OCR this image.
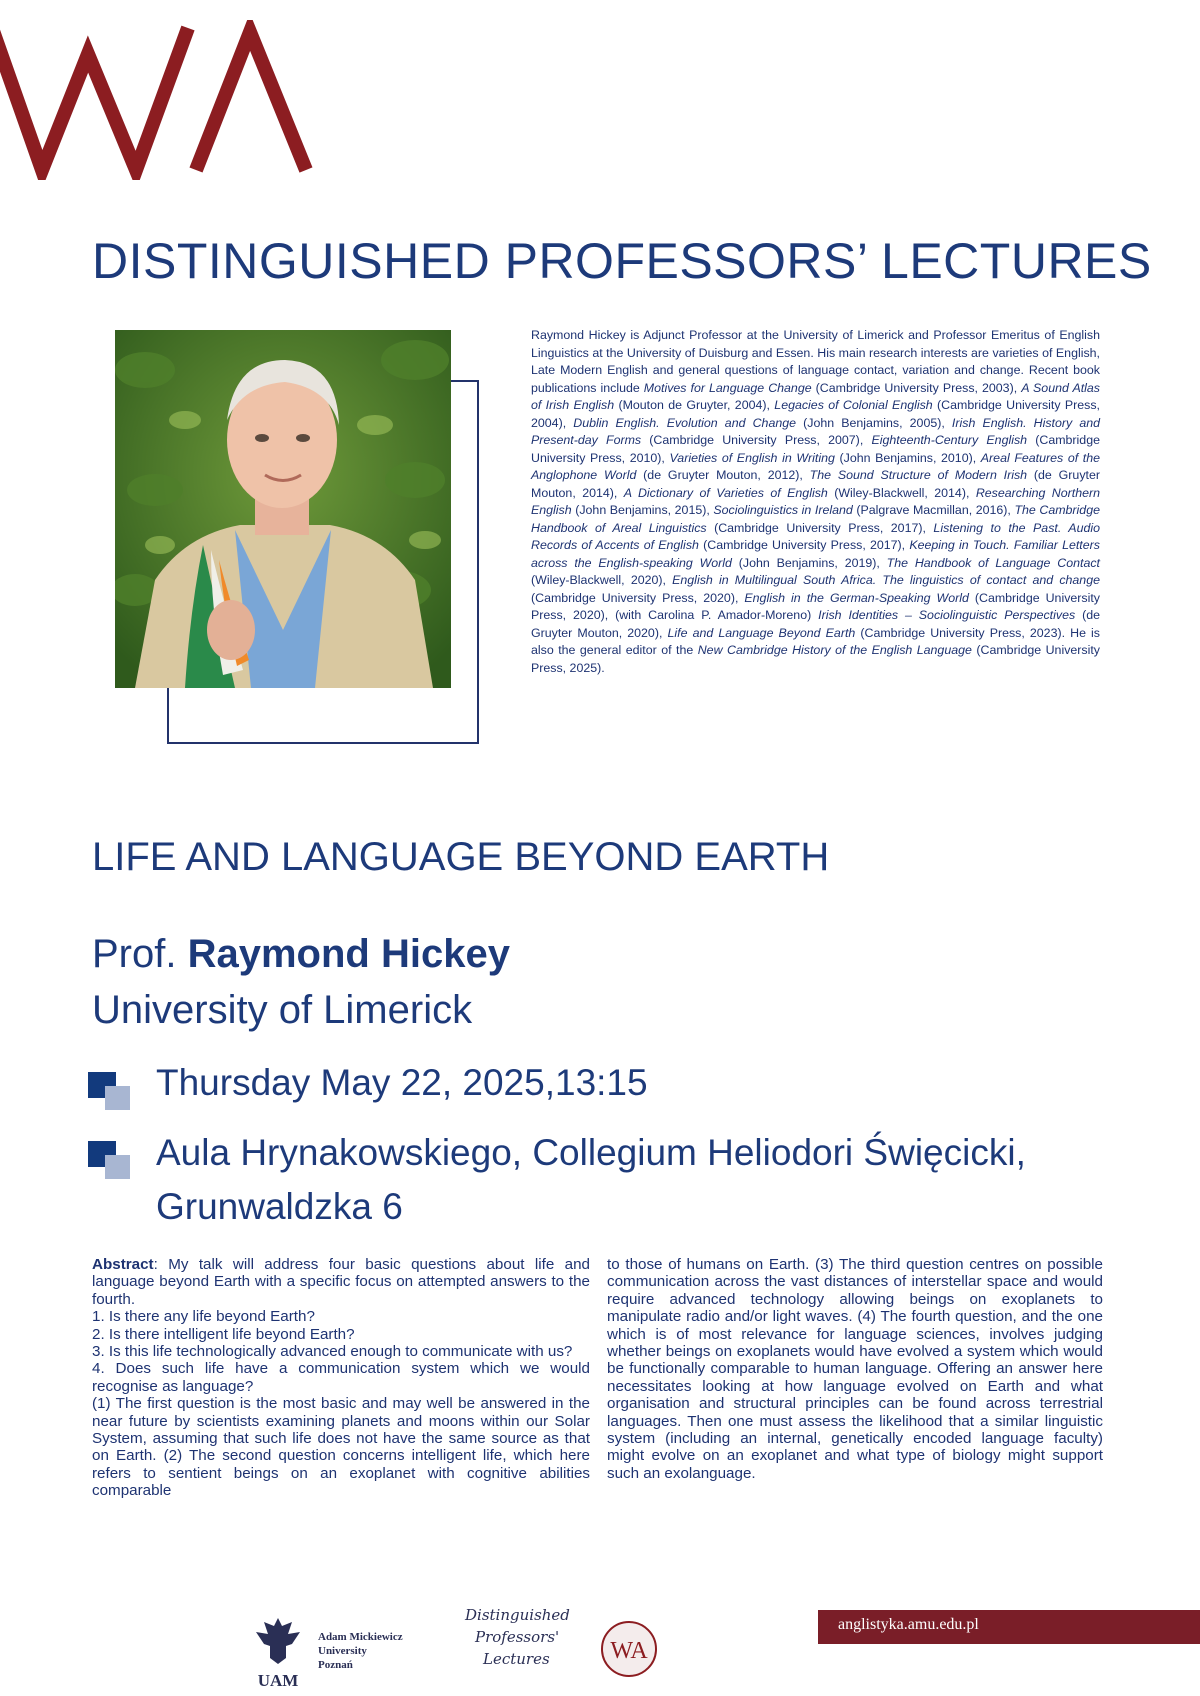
DISTINGUISHED PROFESSORS’ LECTURES

Raymond Hickey is Adjunct Professor at the University of Limerick and Professor Emeritus of English Linguistics at the University of Duisburg and Essen. His main research interests are varieties of English, Late Modern English and general questions of language contact, variation and change. Recent book publications include Motives for Language Change (Cambridge University Press, 2003), A Sound Atlas of Irish English (Mouton de Gruyter, 2004), Legacies of Colonial English (Cambridge University Press, 2004), Dublin English. Evolution and Change (John Benjamins, 2005), Irish English. History and Present-day Forms (Cambridge University Press, 2007), Eighteenth-Century English (Cambridge University Press, 2010), Varieties of English in Writing (John Benjamins, 2010), Areal Features of the Anglophone World (de Gruyter Mouton, 2012), The Sound Structure of Modern Irish (de Gruyter Mouton, 2014), A Dictionary of Varieties of English (Wiley-Blackwell, 2014), Researching Northern English (John Benjamins, 2015), Sociolinguistics in Ireland (Palgrave Macmillan, 2016), The Cambridge Handbook of Areal Linguistics (Cambridge University Press, 2017), Listening to the Past. Audio Records of Accents of English (Cambridge University Press, 2017), Keeping in Touch. Familiar Letters across the English-speaking World (John Benjamins, 2019), The Handbook of Language Contact (Wiley-Blackwell, 2020), English in Multilingual South Africa. The linguistics of contact and change (Cambridge University Press, 2020), English in the German-Speaking World (Cambridge University Press, 2020), (with Carolina P. Amador-Moreno) Irish Identities – Sociolinguistic Perspectives (de Gruyter Mouton, 2020), Life and Language Beyond Earth (Cambridge University Press, 2023). He is also the general editor of the New Cambridge History of the English Language (Cambridge University Press, 2025).

LIFE AND LANGUAGE BEYOND EARTH
Prof. Raymond Hickey
University of Limerick
Thursday May 22, 2025,13:15
Aula Hrynakowskiego, Collegium Heliodori Święcicki,
Grunwaldzka 6

Abstract: My talk will address four basic questions about life and language beyond Earth with a specific focus on attempted answers to the fourth.

1. Is there any life beyond Earth?

2. Is there intelligent life beyond Earth?

3. Is this life technologically advanced enough to communicate with us?

4. Does such life have a communication system which we would recognise as language?

(1) The first question is the most basic and may well be answered in the near future by scientists examining planets and moons within our Solar System, assuming that such life does not have the same source as that on Earth. (2) The second question concerns intelligent life, which here refers to sentient beings on an exoplanet with cognitive abilities comparable

to those of humans on Earth. (3) The third question centres on possible communication across the vast distances of interstellar space and would require advanced technology allowing beings on exoplanets to manipulate radio and/or light waves. (4) The fourth question, and the one which is of most relevance for language sciences, involves judging whether beings on exoplanets would have evolved a system which would be functionally comparable to human language. Offering an answer here necessitates looking at how language evolved on Earth and what organisation and structural principles can be found across terrestrial languages. Then one must assess the likelihood that a similar linguistic system (including an internal, genetically encoded language faculty) might evolve on an exoplanet and what type of biology might support such an exolanguage.

UAM
Adam Mickiewicz
University
Poznań
Distinguished
Professors'
Lectures	WA
anglistyka.amu.edu.pl
